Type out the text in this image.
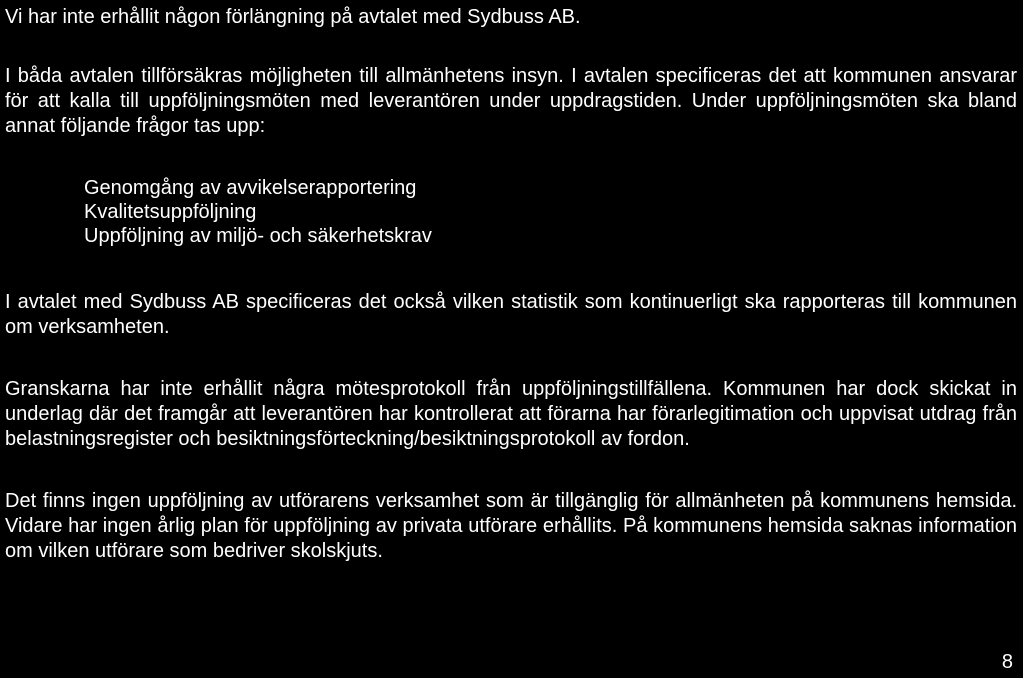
Vi har inte erhållit någon förlängning på avtalet med Sydbuss AB.

I båda avtalen tillförsäkras möjligheten till allmänhetens insyn. I avtalen specificeras det att kommunen ansvarar för att kalla till uppföljningsmöten med leverantören under uppdragstiden. Under uppföljningsmöten ska bland annat följande frågor tas upp:

Genomgång av avvikelserapportering
Kvalitetsuppföljning
Uppföljning av miljö- och säkerhetskrav

I avtalet med Sydbuss AB specificeras det också vilken statistik som kontinuerligt ska rapporteras till kommunen om verksamheten.

Granskarna har inte erhållit några mötesprotokoll från uppföljningstillfällena. Kommunen har dock skickat in underlag där det framgår att leverantören har kontrollerat att förarna har förarlegitimation och uppvisat utdrag från belastningsregister och besiktningsförteckning/besiktningsprotokoll av fordon.

Det finns ingen uppföljning av utförarens verksamhet som är tillgänglig för allmänheten på kommunens hemsida. Vidare har ingen årlig plan för uppföljning av privata utförare erhållits. På kommunens hemsida saknas information om vilken utförare som bedriver skolskjuts.

8
